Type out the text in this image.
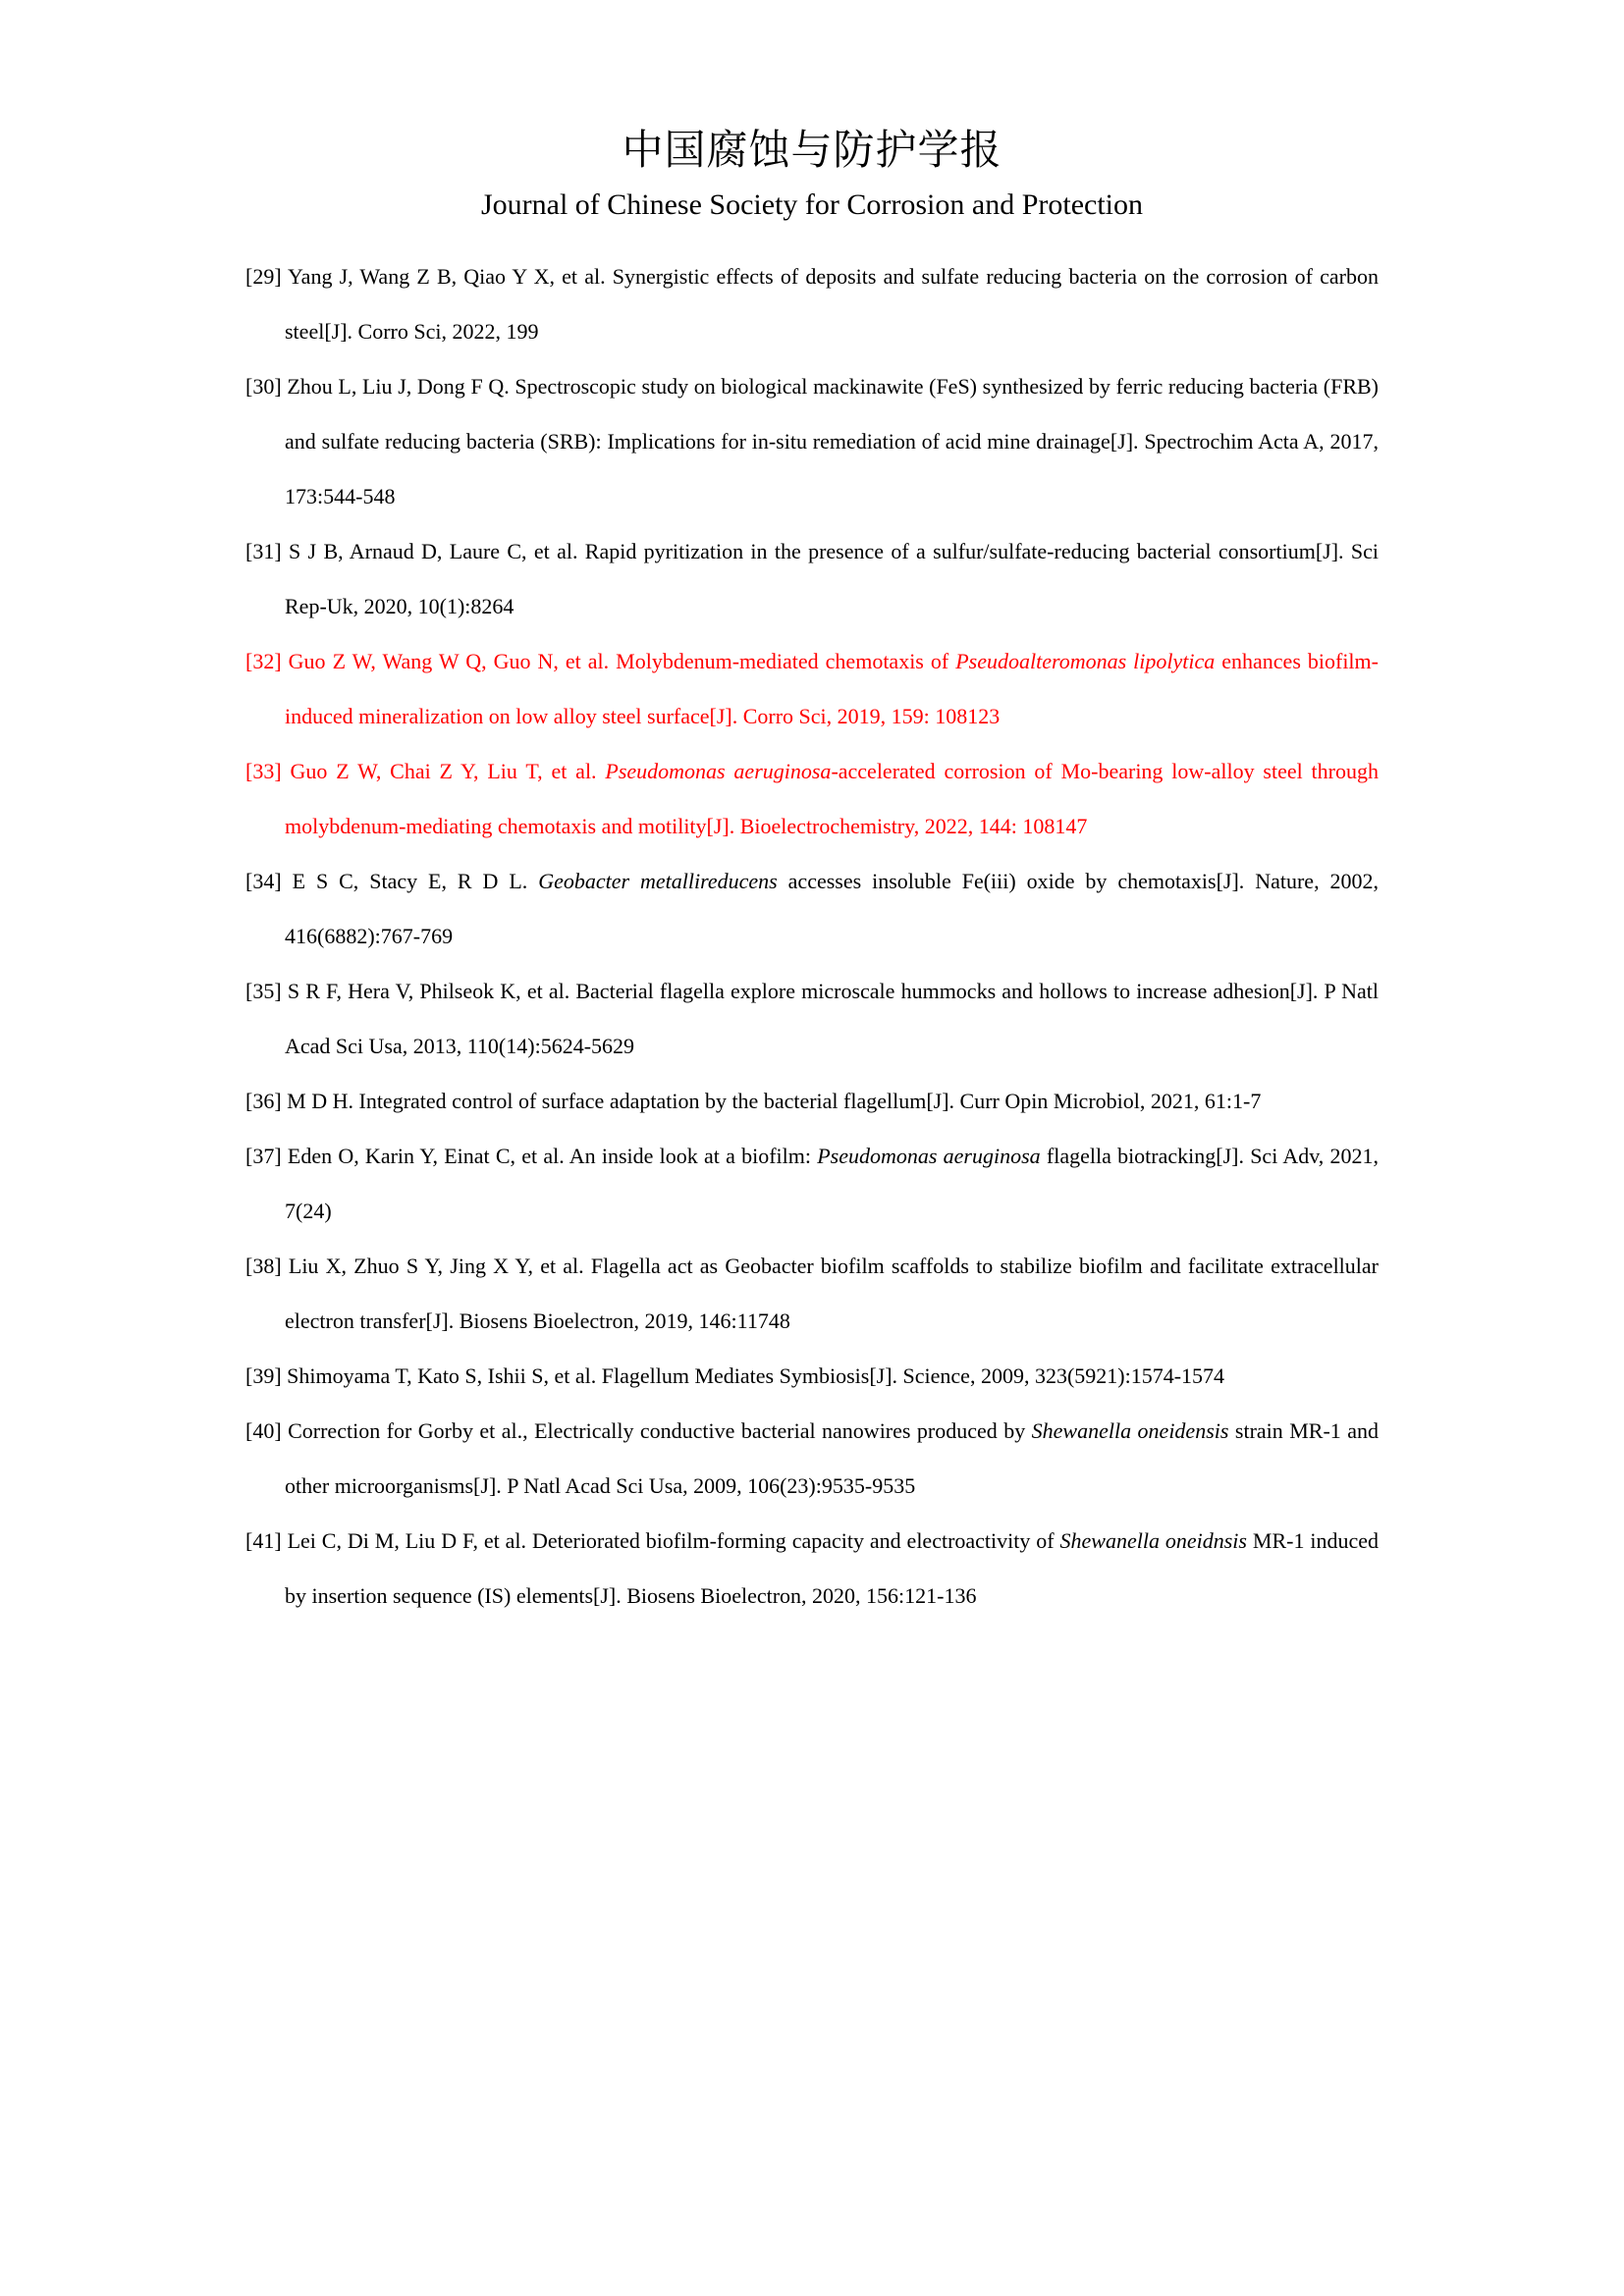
中国腐蚀与防护学报
Journal of Chinese Society for Corrosion and Protection

[29] Yang J, Wang Z B, Qiao Y X, et al. Synergistic effects of deposits and sulfate reducing bacteria on the corrosion of carbon steel[J]. Corro Sci, 2022, 199

[30] Zhou L, Liu J, Dong F Q. Spectroscopic study on biological mackinawite (FeS) synthesized by ferric reducing bacteria (FRB) and sulfate reducing bacteria (SRB): Implications for in-situ remediation of acid mine drainage[J]. Spectrochim Acta A, 2017, 173:544-548

[31] S J B, Arnaud D, Laure C, et al. Rapid pyritization in the presence of a sulfur/sulfate-reducing bacterial consortium[J]. Sci Rep-Uk, 2020, 10(1):8264

[32] Guo Z W, Wang W Q, Guo N, et al. Molybdenum-mediated chemotaxis of Pseudoalteromonas lipolytica enhances biofilm-induced mineralization on low alloy steel surface[J]. Corro Sci, 2019, 159: 108123

[33] Guo Z W, Chai Z Y, Liu T, et al. Pseudomonas aeruginosa-accelerated corrosion of Mo-bearing low-alloy steel through molybdenum-mediating chemotaxis and motility[J]. Bioelectrochemistry, 2022, 144: 108147

[34] E S C, Stacy E, R D L. Geobacter metallireducens accesses insoluble Fe(iii) oxide by chemotaxis[J]. Nature, 2002, 416(6882):767-769

[35] S R F, Hera V, Philseok K, et al. Bacterial flagella explore microscale hummocks and hollows to increase adhesion[J]. P Natl Acad Sci Usa, 2013, 110(14):5624-5629

[36] M D H. Integrated control of surface adaptation by the bacterial flagellum[J]. Curr Opin Microbiol, 2021, 61:1-7

[37] Eden O, Karin Y, Einat C, et al. An inside look at a biofilm: Pseudomonas aeruginosa flagella biotracking[J]. Sci Adv, 2021, 7(24)

[38] Liu X, Zhuo S Y, Jing X Y, et al. Flagella act as Geobacter biofilm scaffolds to stabilize biofilm and facilitate extracellular electron transfer[J]. Biosens Bioelectron, 2019, 146:11748

[39] Shimoyama T, Kato S, Ishii S, et al. Flagellum Mediates Symbiosis[J]. Science, 2009, 323(5921):1574-1574

[40] Correction for Gorby et al., Electrically conductive bacterial nanowires produced by Shewanella oneidensis strain MR-1 and other microorganisms[J]. P Natl Acad Sci Usa, 2009, 106(23):9535-9535

[41] Lei C, Di M, Liu D F, et al. Deteriorated biofilm-forming capacity and electroactivity of Shewanella oneidnsis MR-1 induced by insertion sequence (IS) elements[J]. Biosens Bioelectron, 2020, 156:121-136
